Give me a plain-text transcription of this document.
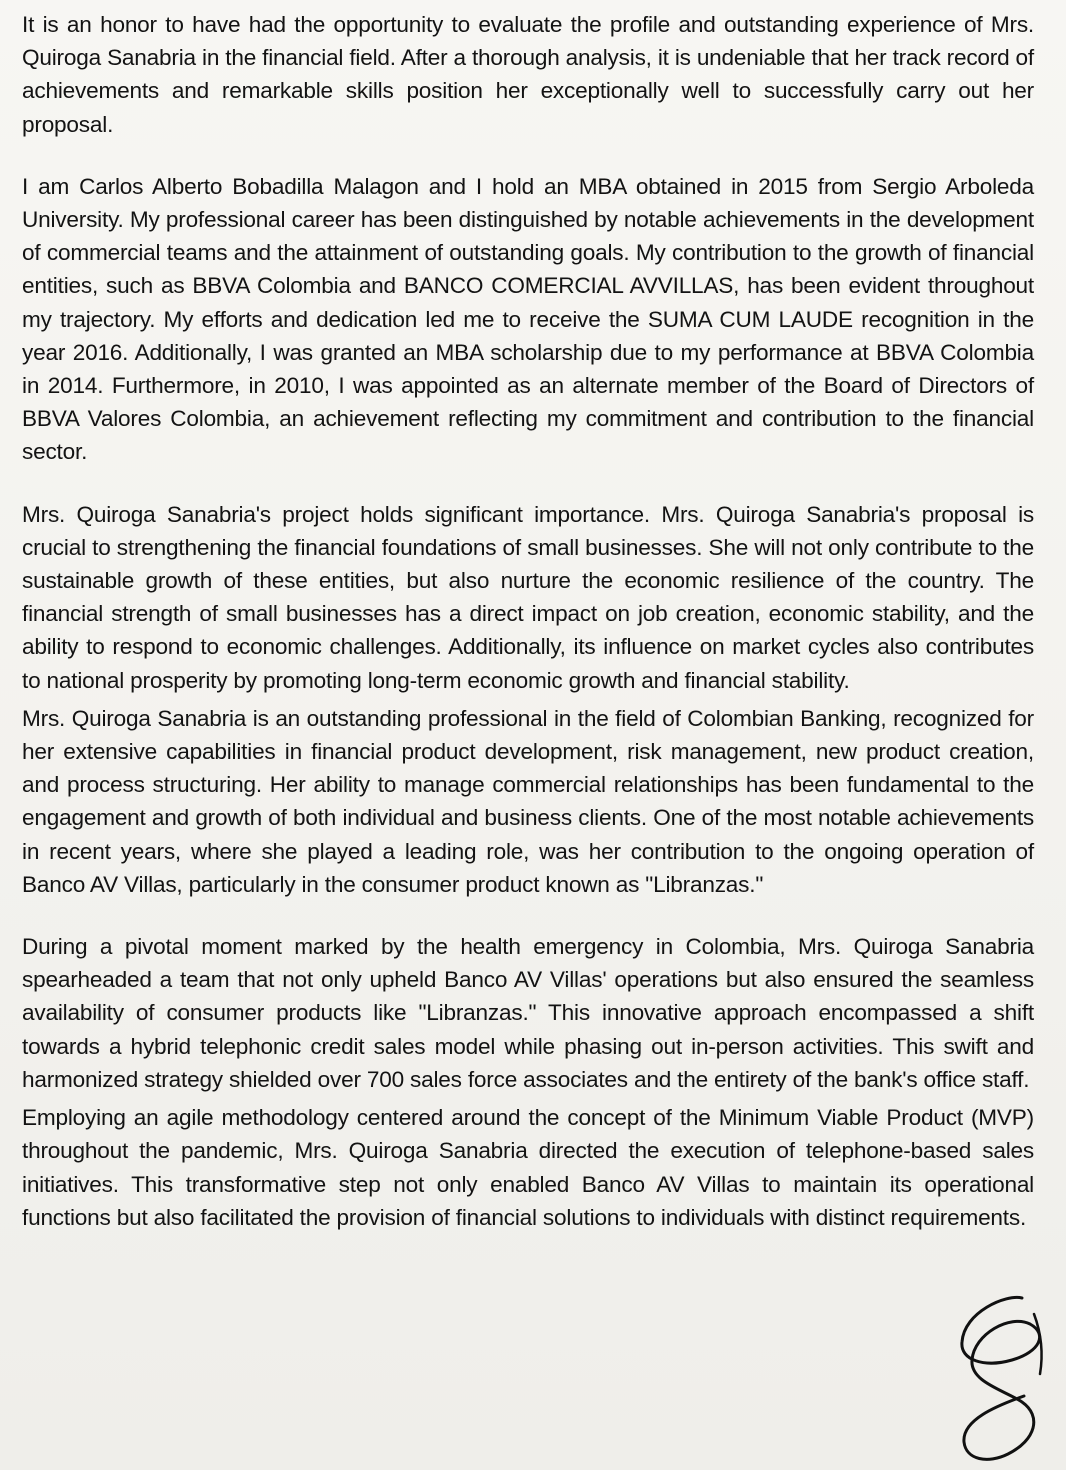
It is an honor to have had the opportunity to evaluate the profile and outstanding experience of Mrs. Quiroga Sanabria in the financial field. After a thorough analysis, it is undeniable that her track record of achievements and remarkable skills position her exceptionally well to successfully carry out her proposal.

I am Carlos Alberto Bobadilla Malagon and I hold an MBA obtained in 2015 from Sergio Arboleda University. My professional career has been distinguished by notable achievements in the development of commercial teams and the attainment of outstanding goals. My contribution to the growth of financial entities, such as BBVA Colombia and BANCO COMERCIAL AVVILLAS, has been evident throughout my trajectory. My efforts and dedication led me to receive the SUMA CUM LAUDE recognition in the year 2016. Additionally, I was granted an MBA scholarship due to my performance at BBVA Colombia in 2014. Furthermore, in 2010, I was appointed as an alternate member of the Board of Directors of BBVA Valores Colombia, an achievement reflecting my commitment and contribution to the financial sector.

Mrs. Quiroga Sanabria's project holds significant importance. Mrs. Quiroga Sanabria's proposal is crucial to strengthening the financial foundations of small businesses. She will not only contribute to the sustainable growth of these entities, but also nurture the economic resilience of the country. The financial strength of small businesses has a direct impact on job creation, economic stability, and the ability to respond to economic challenges. Additionally, its influence on market cycles also contributes to national prosperity by promoting long-term economic growth and financial stability.

Mrs. Quiroga Sanabria is an outstanding professional in the field of Colombian Banking, recognized for her extensive capabilities in financial product development, risk management, new product creation, and process structuring. Her ability to manage commercial relationships has been fundamental to the engagement and growth of both individual and business clients. One of the most notable achievements in recent years, where she played a leading role, was her contribution to the ongoing operation of Banco AV Villas, particularly in the consumer product known as "Libranzas."

During a pivotal moment marked by the health emergency in Colombia, Mrs. Quiroga Sanabria spearheaded a team that not only upheld Banco AV Villas' operations but also ensured the seamless availability of consumer products like "Libranzas." This innovative approach encompassed a shift towards a hybrid telephonic credit sales model while phasing out in-person activities. This swift and harmonized strategy shielded over 700 sales force associates and the entirety of the bank's office staff.

Employing an agile methodology centered around the concept of the Minimum Viable Product (MVP) throughout the pandemic, Mrs. Quiroga Sanabria directed the execution of telephone-based sales initiatives. This transformative step not only enabled Banco AV Villas to maintain its operational functions but also facilitated the provision of financial solutions to individuals with distinct requirements.
